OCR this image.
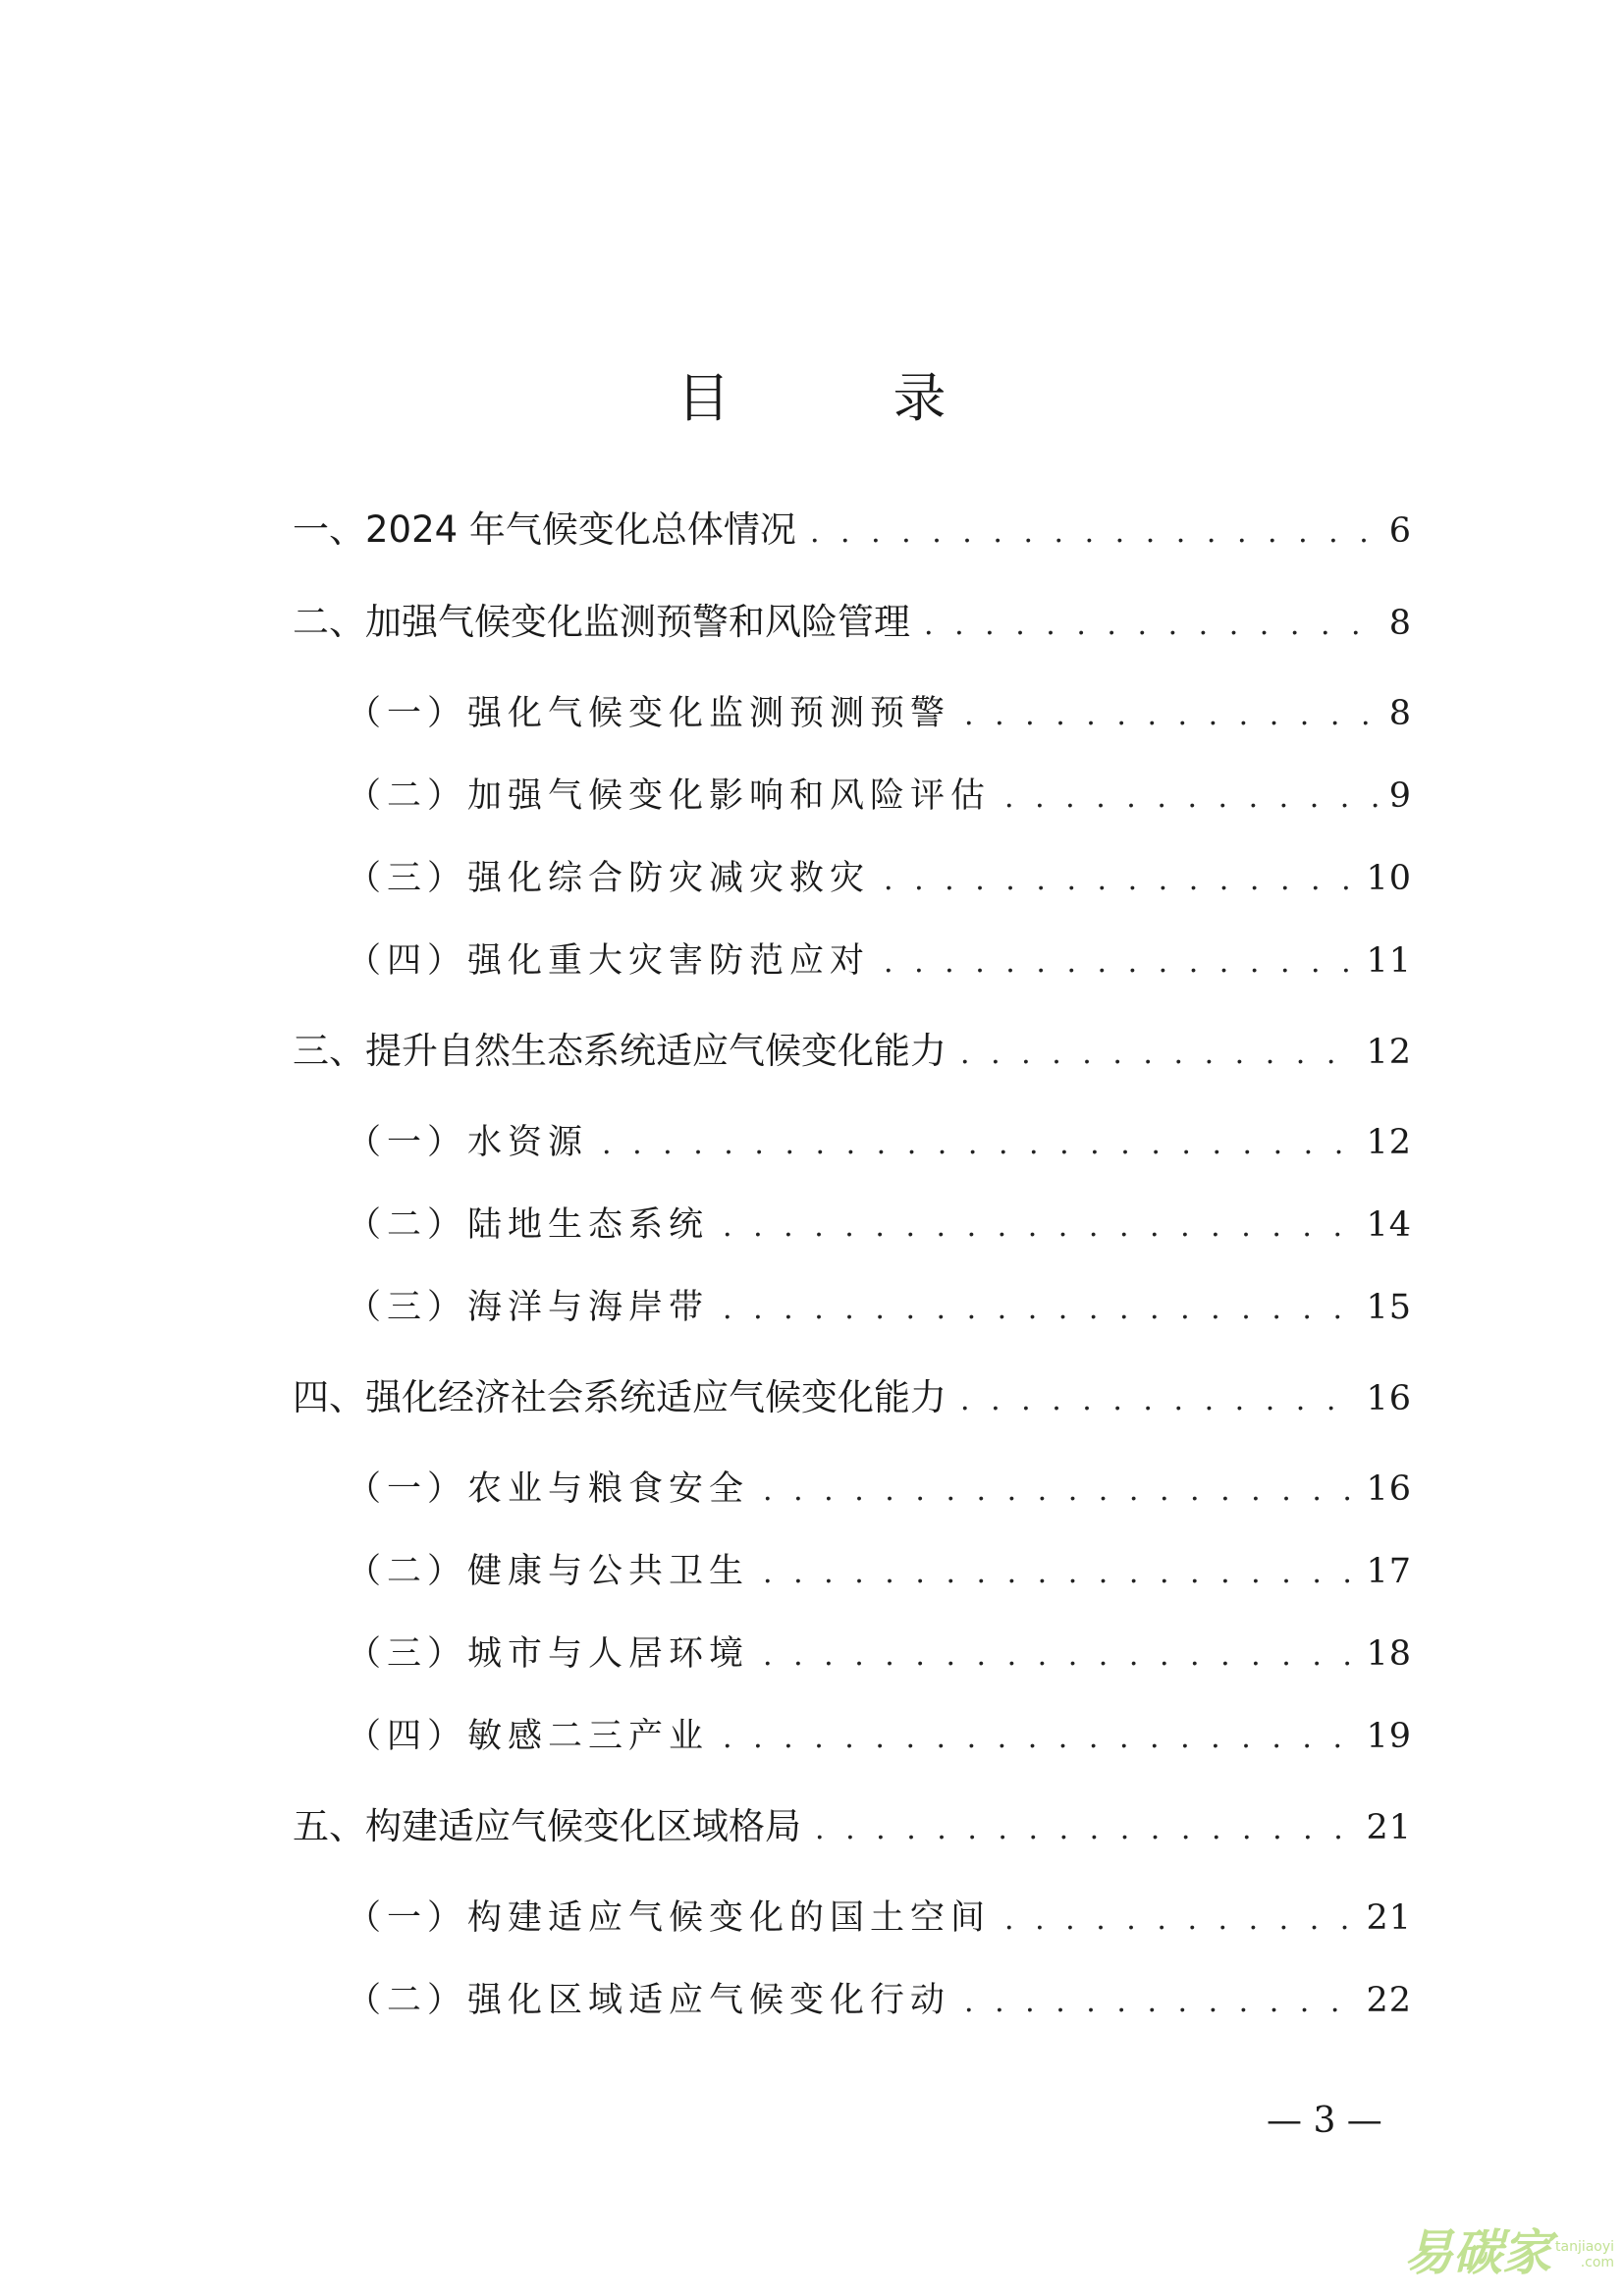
目　录
一、2024 年气候变化总体情况 . . .	6
二、加强气候变化监测预警和风险管理 . . .	8
（一）强化气候变化监测预测预警 . . .	8
（二）加强气候变化影响和风险评估 . . .	9
（三）强化综合防灾减灾救灾 . . .	10
（四）强化重大灾害防范应对 . . .	11
三、提升自然生态系统适应气候变化能力 . . .	12
（一）水资源 . . .	12
（二）陆地生态系统 . . .	14
（三）海洋与海岸带 . . .	15
四、强化经济社会系统适应气候变化能力 . . .	16
（一）农业与粮食安全 . . .	16
（二）健康与公共卫生 . . .	17
（三）城市与人居环境 . . .	18
（四）敏感二三产业 . . .	19
五、构建适应气候变化区域格局 . . .	21
（一）构建适应气候变化的国土空间 . . .	21
（二）强化区域适应气候变化行动 . . .	22
— 3 —
易碳家 tanjiaoyi
.com
